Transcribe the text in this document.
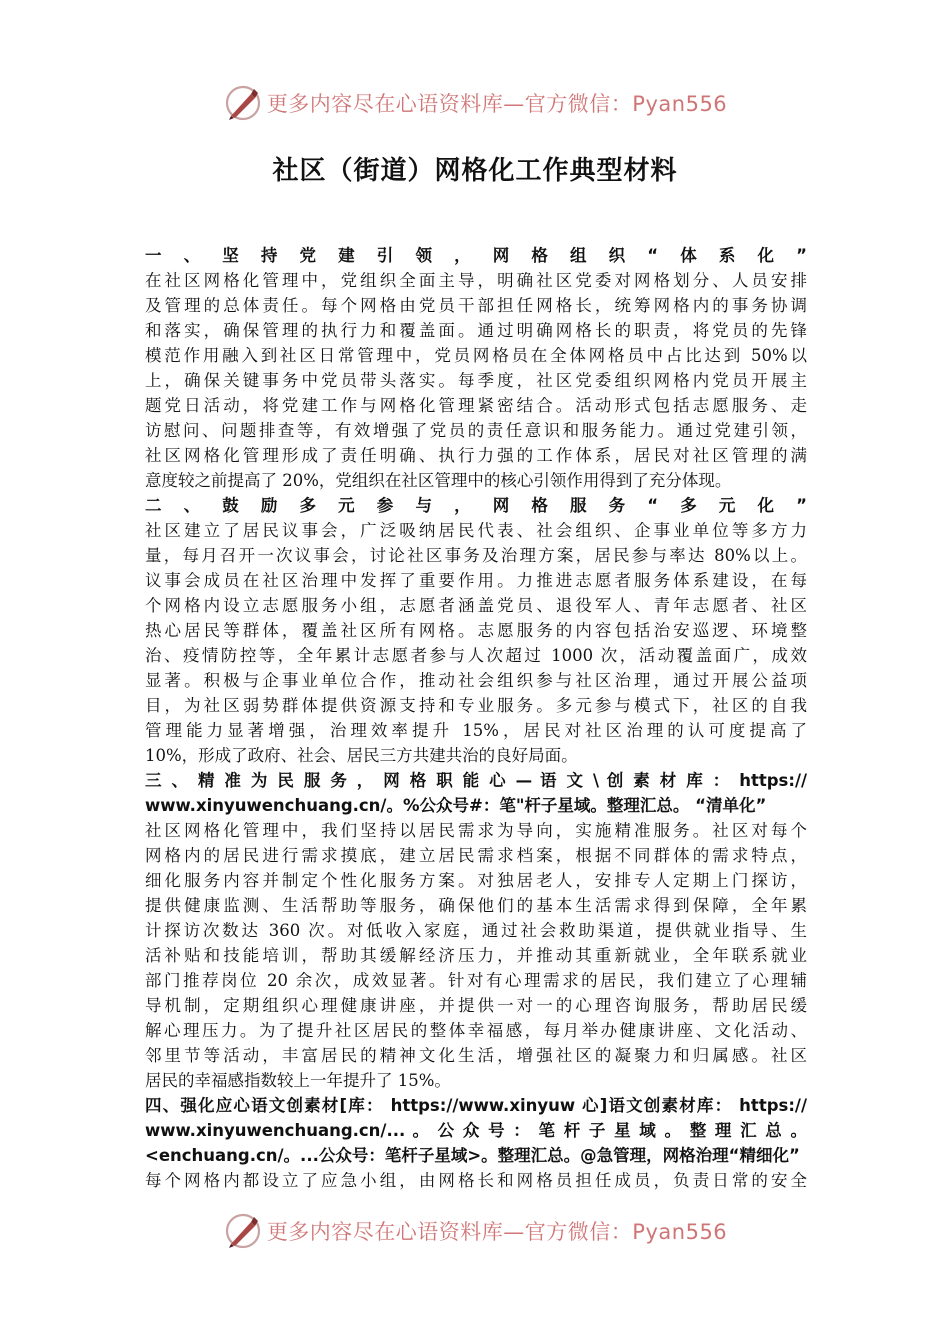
更多内容尽在心语资料库—官方微信：Pyan556
社区（街道）网格化工作典型材料
一、坚持党建引领，网格组织“体系化”
在社区网格化管理中，党组织全面主导，明确社区党委对网格划分、人员安排
及管理的总体责任。每个网格由党员干部担任网格长，统筹网格内的事务协调
和落实，确保管理的执行力和覆盖面。通过明确网格长的职责，将党员的先锋
模范作用融入到社区日常管理中，党员网格员在全体网格员中占比达到 50%以
上，确保关键事务中党员带头落实。每季度，社区党委组织网格内党员开展主
题党日活动，将党建工作与网格化管理紧密结合。活动形式包括志愿服务、走
访慰问、问题排查等，有效增强了党员的责任意识和服务能力。通过党建引领，
社区网格化管理形成了责任明确、执行力强的工作体系，居民对社区管理的满
意度较之前提高了 20%，党组织在社区管理中的核心引领作用得到了充分体现。
二、鼓励多元参与，网格服务“多元化”
社区建立了居民议事会，广泛吸纳居民代表、社会组织、企事业单位等多方力
量，每月召开一次议事会，讨论社区事务及治理方案，居民参与率达 80%以上。
议事会成员在社区治理中发挥了重要作用。力推进志愿者服务体系建设，在每
个网格内设立志愿服务小组，志愿者涵盖党员、退役军人、青年志愿者、社区
热心居民等群体，覆盖社区所有网格。志愿服务的内容包括治安巡逻、环境整
治、疫情防控等，全年累计志愿者参与人次超过 1000 次，活动覆盖面广，成效
显著。积极与企事业单位合作，推动社会组织参与社区治理，通过开展公益项
目，为社区弱势群体提供资源支持和专业服务。多元参与模式下，社区的自我
管理能力显著增强，治理效率提升 15%，居民对社区治理的认可度提高了
10%，形成了政府、社会、居民三方共建共治的良好局面。
三 、 精 准 为 民 服 务 ， 网 格 职 能 心 — 语 文 \ 创 素 材 库 ： https://
www.xinyuwenchuang.cn/。%公众号#：笔"杆子星域。整理汇总。 “清单化”
社区网格化管理中，我们坚持以居民需求为导向，实施精准服务。社区对每个
网格内的居民进行需求摸底，建立居民需求档案，根据不同群体的需求特点，
细化服务内容并制定个性化服务方案。对独居老人，安排专人定期上门探访，
提供健康监测、生活帮助等服务，确保他们的基本生活需求得到保障，全年累
计探访次数达 360 次。对低收入家庭，通过社会救助渠道，提供就业指导、生
活补贴和技能培训，帮助其缓解经济压力，并推动其重新就业，全年联系就业
部门推荐岗位 20 余次，成效显著。针对有心理需求的居民，我们建立了心理辅
导机制，定期组织心理健康讲座，并提供一对一的心理咨询服务，帮助居民缓
解心理压力。为了提升社区居民的整体幸福感，每月举办健康讲座、文化活动、
邻里节等活动，丰富居民的精神文化生活，增强社区的凝聚力和归属感。社区
居民的幸福感指数较上一年提升了 15%。
四、强化应心语文创素材[库： https://www.xinyuw 心]语文创素材库： https://
www.xinyuwenchuang.cn/... 。 公 众 号 ： 笔 杆 子 星 域 。 整 理 汇 总 。
<enchuang.cn/。...公众号：笔杆子星域>。整理汇总。@急管理，网格治理“精细化”
每个网格内都设立了应急小组，由网格长和网格员担任成员，负责日常的安全
更多内容尽在心语资料库—官方微信：Pyan556
